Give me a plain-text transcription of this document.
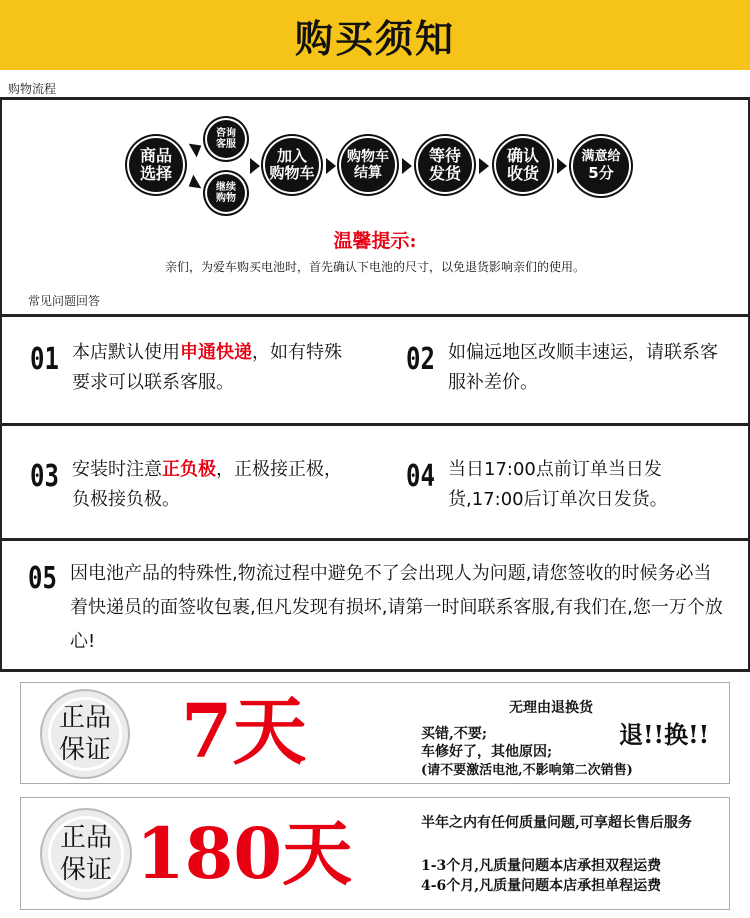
购买须知
购物流程
商品
选择
咨询
客服
继续
购物
加入
购物车
购物车
结算
等待
发货
确认
收货
满意给
5分
温馨提示:
亲们，为爱车购买电池时，首先确认下电池的尺寸，以免退货影响亲们的使用。
常见问题回答
01 本店默认使用申通快递，如有特殊要求可以联系客服。
02 如偏远地区改顺丰速运，请联系客服补差价。
03 安装时注意正负极，正极接正极，负极接负极。
04 当日17:00点前订单当日发货,17:00后订单次日发货。
05 因电池产品的特殊性,物流过程中避免不了会出现人为问题,请您签收的时候务必当着快递员的面签收包裹,但凡发现有损坏,请第一时间联系客服,有我们在,您一万个放心!
正品
保证 7天	无理由退换货
买错,不要;	退!!换!!
车修好了，其他原因;
(请不要激活电池,不影响第二次销售)
正品
保证 180天	半年之内有任何质量问题,可享超长售后服务
1-3个月,凡质量问题本店承担双程运费
4-6个月,凡质量问题本店承担单程运费
